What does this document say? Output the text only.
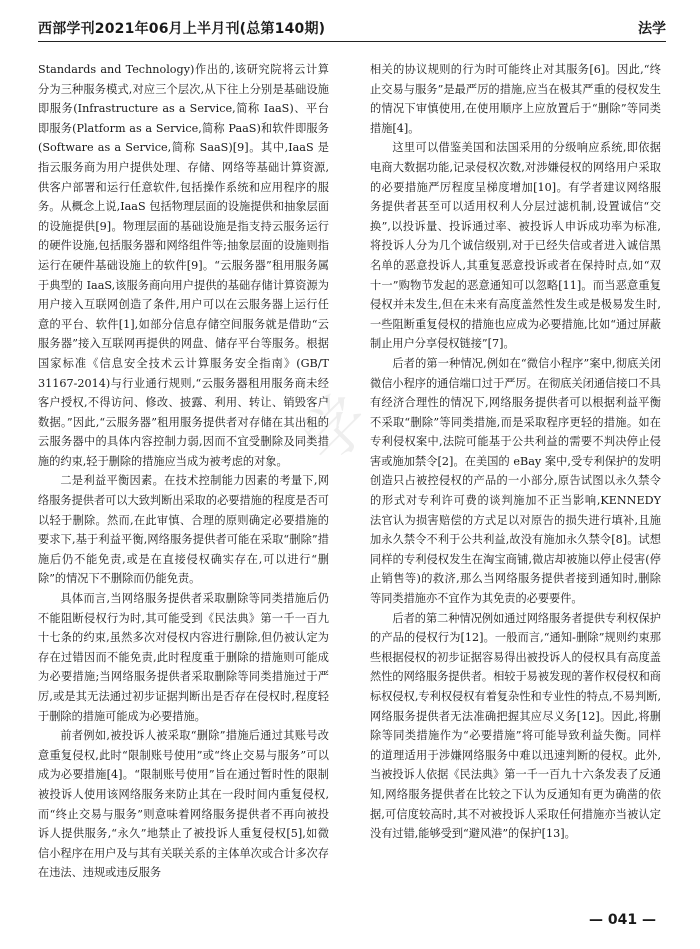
西部学刊2021年06月上半月刊(总第140期)	法学
学

Standards and Technology)作出的,该研究院将云计算分为三种服务模式,对应三个层次,从下往上分别是基础设施即服务(Infrastructure as a Service,简称 IaaS)、平台即服务(Platform as a Service,简称 PaaS)和软件即服务(Software as a Service,简称 SaaS)[9]。其中,IaaS 是指云服务商为用户提供处理、存储、网络等基础计算资源,供客户部署和运行任意软件,包括操作系统和应用程序的服务。从概念上说,IaaS 包括物理层面的设施提供和抽象层面的设施提供[9]。物理层面的基础设施是指支持云服务运行的硬件设施,包括服务器和网络组件等;抽象层面的设施则指运行在硬件基础设施上的软件[9]。“云服务器”租用服务属于典型的 IaaS,该服务商向用户提供的基础存储计算资源为用户接入互联网创造了条件,用户可以在云服务器上运行任意的平台、软件[1],如部分信息存储空间服务就是借助“云服务器”接入互联网再提供的网盘、储存平台等服务。根据国家标准《信息安全技术云计算服务安全指南》(GB/T 31167-2014)与行业通行规则,“云服务器租用服务商未经客户授权,不得访问、修改、披露、利用、转让、销毁客户数据。”因此,“云服务器”租用服务提供者对存储在其出租的云服务器中的具体内容控制力弱,因而不宜受删除及同类措施的约束,轻于删除的措施应当成为被考虑的对象。

二是利益平衡因素。在技术控制能力因素的考量下,网络服务提供者可以大致判断出采取的必要措施的程度是否可以轻于删除。然而,在此审慎、合理的原则确定必要措施的要求下,基于利益平衡,网络服务提供者可能在采取“删除”措施后仍不能免责,或是在直接侵权确实存在,可以进行“删除”的情况下不删除而仍能免责。

具体而言,当网络服务提供者采取删除等同类措施后仍不能阻断侵权行为时,其可能受到《民法典》第一千一百九十七条的约束,虽然多次对侵权内容进行删除,但仍被认定为存在过错因而不能免责,此时程度重于删除的措施则可能成为必要措施;当网络服务提供者采取删除等同类措施过于严厉,或是其无法通过初步证据判断出是否存在侵权时,程度轻于删除的措施可能成为必要措施。

前者例如,被投诉人被采取“删除”措施后通过其账号改意重复侵权,此时“限制账号使用”或“终止交易与服务”可以成为必要措施[4]。“限制账号使用”旨在通过暂时性的限制被投诉人使用该网络服务来防止其在一段时间内重复侵权,而“终止交易与服务”则意味着网络服务提供者不再向被投诉人提供服务,“永久”地禁止了被投诉人重复侵权[5],如微信小程序在用户及与其有关联关系的主体单次或合计多次存在违法、违规或违反服务

相关的协议规则的行为时可能终止对其服务[6]。因此,“终止交易与服务”是最严厉的措施,应当在极其严重的侵权发生的情况下审慎使用,在使用顺序上应放置后于“删除”等同类措施[4]。

这里可以借鉴美国和法国采用的分级响应系统,即依据电商大数据功能,记录侵权次数,对涉嫌侵权的网络用户采取的必要措施严厉程度呈梯度增加[10]。有学者建议网络服务提供者甚至可以适用权利人分层过滤机制,设置诚信“交换”,以投诉量、投诉通过率、被投诉人申诉成功率为标准,将投诉人分为几个诚信级别,对于已经失信或者进入诚信黑名单的恶意投诉人,其重复恶意投诉或者在保持时点,如“双十一”购物节发起的恶意通知可以忽略[11]。而当恶意重复侵权并未发生,但在未来有高度盖然性发生或是极易发生时,一些阻断重复侵权的措施也应成为必要措施,比如“通过屏蔽制止用户分享侵权链接”[7]。

后者的第一种情况,例如在“微信小程序”案中,彻底关闭微信小程序的通信端口过于严厉。在彻底关闭通信接口不具有经济合理性的情况下,网络服务提供者可以根据利益平衡不采取“删除”等同类措施,而是采取程序更轻的措施。如在专利侵权案中,法院可能基于公共利益的需要不判决停止侵害或施加禁令[2]。在美国的 eBay 案中,受专利保护的发明创造只占被控侵权的产品的一小部分,原告试图以永久禁令的形式对专利许可费的谈判施加不正当影响,KENNEDY 法官认为损害赔偿的方式足以对原告的损失进行填补,且施加永久禁令不利于公共利益,故没有施加永久禁令[8]。试想同样的专利侵权发生在淘宝商铺,微店却被施以停止侵害(停止销售等)的救济,那么当网络服务提供者接到通知时,删除等同类措施亦不宜作为其免责的必要要件。

后者的第二种情况例如通过网络服务者提供专利权保护的产品的侵权行为[12]。一般而言,“通知-删除”规则约束那些根据侵权的初步证据容易得出被投诉人的侵权具有高度盖然性的网络服务提供者。相较于易被发现的著作权侵权和商标权侵权,专利权侵权有着复杂性和专业性的特点,不易判断,网络服务提供者无法准确把握其应尽义务[12]。因此,将删除等同类措施作为“必要措施”将可能导致利益失衡。同样的道理适用于涉嫌网络服务中难以迅速判断的侵权。此外,当被投诉人依据《民法典》第一千一百九十六条发表了反通知,网络服务提供者在比较之下认为反通知有更为确凿的依据,可信度较高时,其不对被投诉人采取任何措施亦当被认定没有过错,能够受到“避风港”的保护[13]。

— 041 —
